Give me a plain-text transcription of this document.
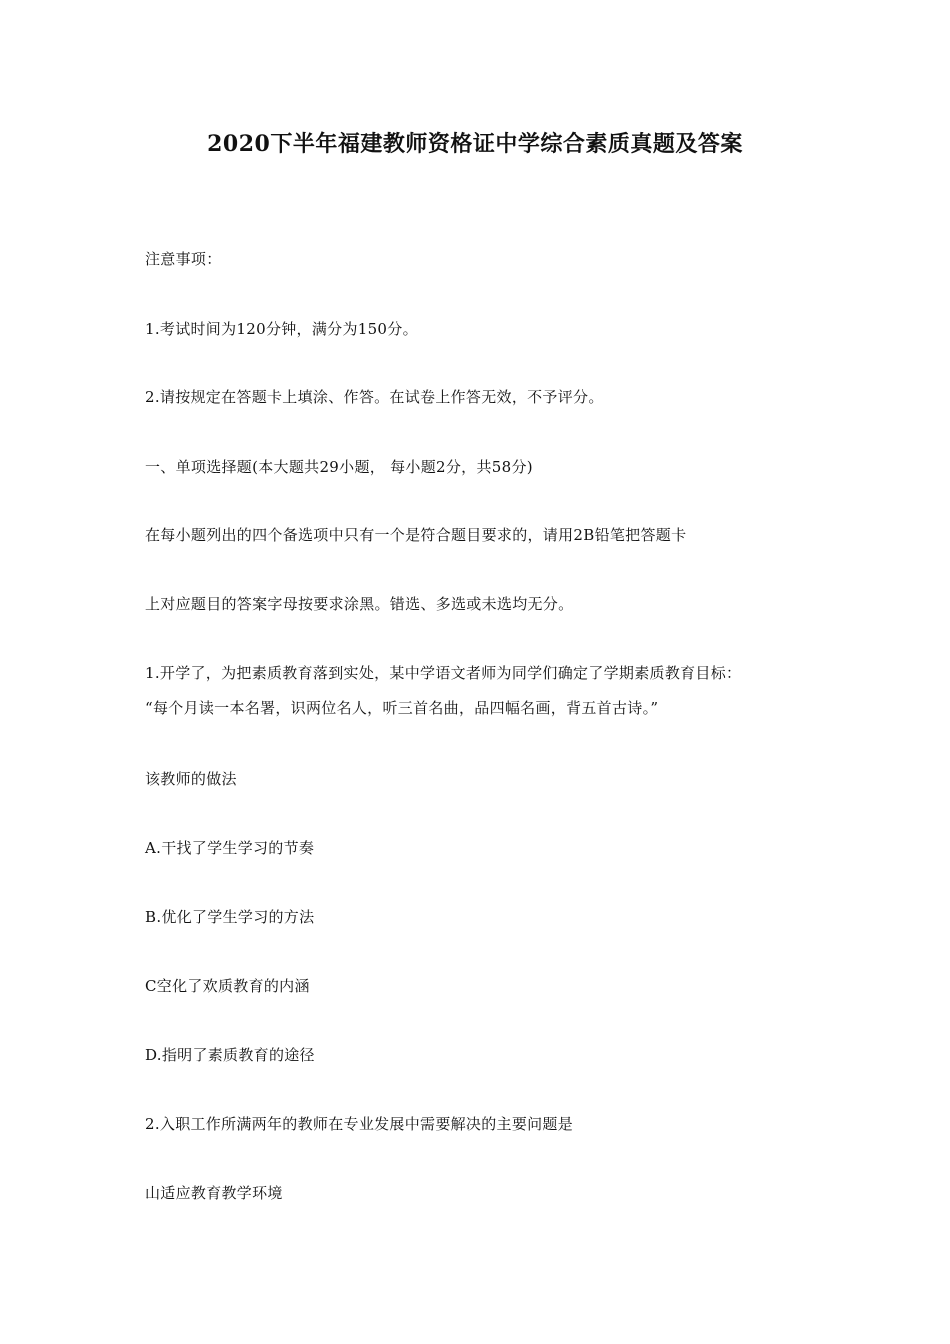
2020下半年福建教师资格证中学综合素质真题及答案
注意事项：
1.考试时间为120分钟，满分为150分。
2.请按规定在答题卡上填涂、作答。在试卷上作答无效，不予评分。
一、单项选择题(本大题共29小题， 每小题2分，共58分)
在每小题列出的四个备选项中只有一个是符合题目要求的，请用2B铅笔把答题卡
上对应题目的答案字母按要求涂黑。错选、多选或未选均无分。
1.开学了，为把素质教育落到实处，某中学语文者师为同学们确定了学期素质教育目标：
“每个月读一本名署，识两位名人，听三首名曲，品四幅名画，背五首古诗。”
该教师的做法
A.干找了学生学习的节奏
B.优化了学生学习的方法
C空化了欢质教育的内涵
D.指明了素质教育的途径
2.入职工作所满两年的教师在专业发展中需要解决的主要问题是
山适应教育教学环境
